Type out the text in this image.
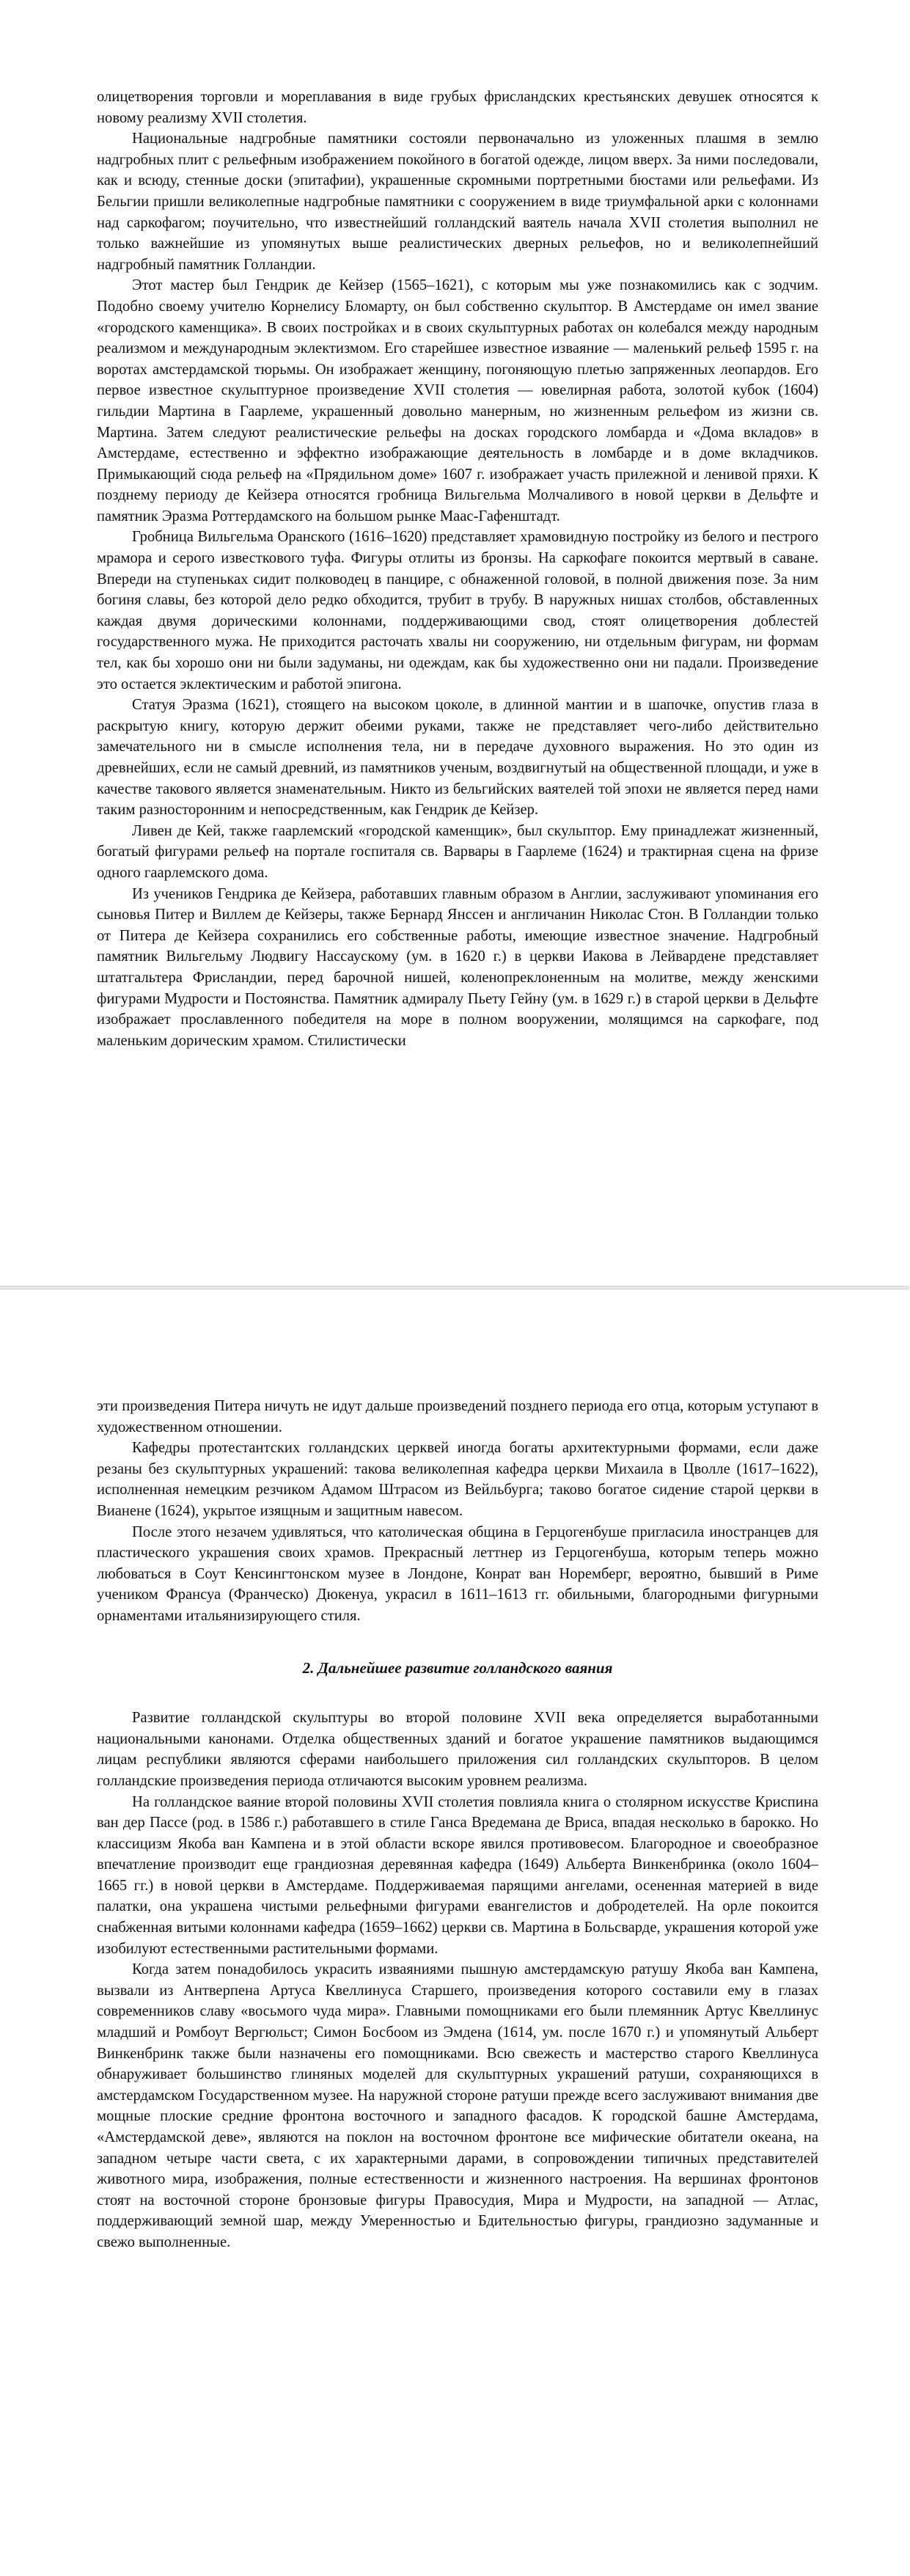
олицетворения торговли и мореплавания в виде грубых фрисландских крестьянских девушек относятся к новому реализму XVII столетия.

Национальные надгробные памятники состояли первоначально из уложенных плашмя в землю надгробных плит с рельефным изображением покойного в богатой одежде, лицом вверх. За ними последовали, как и всюду, стенные доски (эпитафии), украшенные скромными портретными бюстами или рельефами. Из Бельгии пришли великолепные надгробные памятники с сооружением в виде триумфальной арки с колоннами над саркофагом; поучительно, что известнейший голландский ваятель начала XVII столетия выполнил не только важнейшие из упомянутых выше реалистических дверных рельефов, но и великолепнейший надгробный памятник Голландии.

Этот мастер был Гендрик де Кейзер (1565–1621), с которым мы уже познакомились как с зодчим. Подобно своему учителю Корнелису Бломарту, он был собственно скульптор. В Амстердаме он имел звание «городского каменщика». В своих постройках и в своих скульптурных работах он колебался между народным реализмом и международным эклектизмом. Его старейшее известное изваяние — маленький рельеф 1595 г. на воротах амстердамской тюрьмы. Он изображает женщину, погоняющую плетью запряженных леопардов. Его первое известное скульптурное произведение XVII столетия — ювелирная работа, золотой кубок (1604) гильдии Мартина в Гаарлеме, украшенный довольно манерным, но жизненным рельефом из жизни св. Мартина. Затем следуют реалистические рельефы на досках городского ломбарда и «Дома вкладов» в Амстердаме, естественно и эффектно изображающие деятельность в ломбарде и в доме вкладчиков. Примыкающий сюда рельеф на «Прядильном доме» 1607 г. изображает участь прилежной и ленивой пряхи. К позднему периоду де Кейзера относятся гробница Вильгельма Молчаливого в новой церкви в Дельфте и памятник Эразма Роттердамского на большом рынке Маас-Гафенштадт.

Гробница Вильгельма Оранского (1616–1620) представляет храмовидную постройку из белого и пестрого мрамора и серого известкового туфа. Фигуры отлиты из бронзы. На саркофаге покоится мертвый в саване. Впереди на ступеньках сидит полководец в панцире, с обнаженной головой, в полной движения позе. За ним богиня славы, без которой дело редко обходится, трубит в трубу. В наружных нишах столбов, обставленных каждая двумя дорическими колоннами, поддерживающими свод, стоят олицетворения доблестей государственного мужа. Не приходится расточать хвалы ни сооружению, ни отдельным фигурам, ни формам тел, как бы хорошо они ни были задуманы, ни одеждам, как бы художественно они ни падали. Произведение это остается эклектическим и работой эпигона.

Статуя Эразма (1621), стоящего на высоком цоколе, в длинной мантии и в шапочке, опустив глаза в раскрытую книгу, которую держит обеими руками, также не представляет чего-либо действительно замечательного ни в смысле исполнения тела, ни в передаче духовного выражения. Но это один из древнейших, если не самый древний, из памятников ученым, воздвигнутый на общественной площади, и уже в качестве такового является знаменательным. Никто из бельгийских ваятелей той эпохи не является перед нами таким разносторонним и непосредственным, как Гендрик де Кейзер.

Ливен де Кей, также гаарлемский «городской каменщик», был скульптор. Ему принадлежат жизненный, богатый фигурами рельеф на портале госпиталя св. Варвары в Гаарлеме (1624) и трактирная сцена на фризе одного гаарлемского дома.

Из учеников Гендрика де Кейзера, работавших главным образом в Англии, заслуживают упоминания его сыновья Питер и Виллем де Кейзеры, также Бернард Янссен и англичанин Николас Стон. В Голландии только от Питера де Кейзера сохранились его собственные работы, имеющие известное значение. Надгробный памятник Вильгельму Людвигу Нассаускому (ум. в 1620 г.) в церкви Иакова в Лейвардене представляет штатгальтера Фрисландии, перед барочной нишей, коленопреклоненным на молитве, между женскими фигурами Мудрости и Постоянства. Памятник адмиралу Пьету Гейну (ум. в 1629 г.) в старой церкви в Дельфте изображает прославленного победителя на море в полном вооружении, молящимся на саркофаге, под маленьким дорическим храмом. Стилистически

эти произведения Питера ничуть не идут дальше произведений позднего периода его отца, которым уступают в художественном отношении.

Кафедры протестантских голландских церквей иногда богаты архитектурными формами, если даже резаны без скульптурных украшений: такова великолепная кафедра церкви Михаила в Цволле (1617–1622), исполненная немецким резчиком Адамом Штрасом из Вейльбурга; таково богатое сидение старой церкви в Вианене (1624), укрытое изящным и защитным навесом.

После этого незачем удивляться, что католическая община в Герцогенбуше пригласила иностранцев для пластического украшения своих храмов. Прекрасный леттнер из Герцогенбуша, которым теперь можно любоваться в Соут Кенсингтонском музее в Лондоне, Конрат ван Норемберг, вероятно, бывший в Риме учеником Франсуа (Франческо) Дюкенуа, украсил в 1611–1613 гг. обильными, благородными фигурными орнаментами итальянизирующего стиля.

2. Дальнейшее развитие голландского ваяния

Развитие голландской скульптуры во второй половине XVII века определяется выработанными национальными канонами. Отделка общественных зданий и богатое украшение памятников выдающимся лицам республики являются сферами наибольшего приложения сил голландских скульпторов. В целом голландские произведения периода отличаются высоким уровнем реализма.

На голландское ваяние второй половины XVII столетия повлияла книга о столярном искусстве Криспина ван дер Пассе (род. в 1586 г.) работавшего в стиле Ганса Вредемана де Вриса, впадая несколько в барокко. Но классицизм Якоба ван Кампена и в этой области вскоре явился противовесом. Благородное и своеобразное впечатление производит еще грандиозная деревянная кафедра (1649) Альберта Винкенбринка (около 1604–1665 гг.) в новой церкви в Амстердаме. Поддерживаемая парящими ангелами, осененная материей в виде палатки, она украшена чистыми рельефными фигурами евангелистов и добродетелей. На орле покоится снабженная витыми колоннами кафедра (1659–1662) церкви св. Мартина в Больсварде, украшения которой уже изобилуют естественными растительными формами.

Когда затем понадобилось украсить изваяниями пышную амстердамскую ратушу Якоба ван Кампена, вызвали из Антверпена Артуса Квеллинуса Старшего, произведения которого составили ему в глазах современников славу «восьмого чуда мира». Главными помощниками его были племянник Артус Квеллинус младший и Ромбоут Вергюльст; Симон Босбоом из Эмдена (1614, ум. после 1670 г.) и упомянутый Альберт Винкенбринк также были назначены его помощниками. Всю свежесть и мастерство старого Квеллинуса обнаруживает большинство глиняных моделей для скульптурных украшений ратуши, сохраняющихся в амстердамском Государственном музее. На наружной стороне ратуши прежде всего заслуживают внимания две мощные плоские средние фронтона восточного и западного фасадов. К городской башне Амстердама, «Амстердамской деве», являются на поклон на восточном фронтоне все мифические обитатели океана, на западном четыре части света, с их характерными дарами, в сопровождении типичных представителей животного мира, изображения, полные естественности и жизненного настроения. На вершинах фронтонов стоят на восточной стороне бронзовые фигуры Правосудия, Мира и Мудрости, на западной — Атлас, поддерживающий земной шар, между Умеренностью и Бдительностью фигуры, грандиозно задуманные и свежо выполненные.
